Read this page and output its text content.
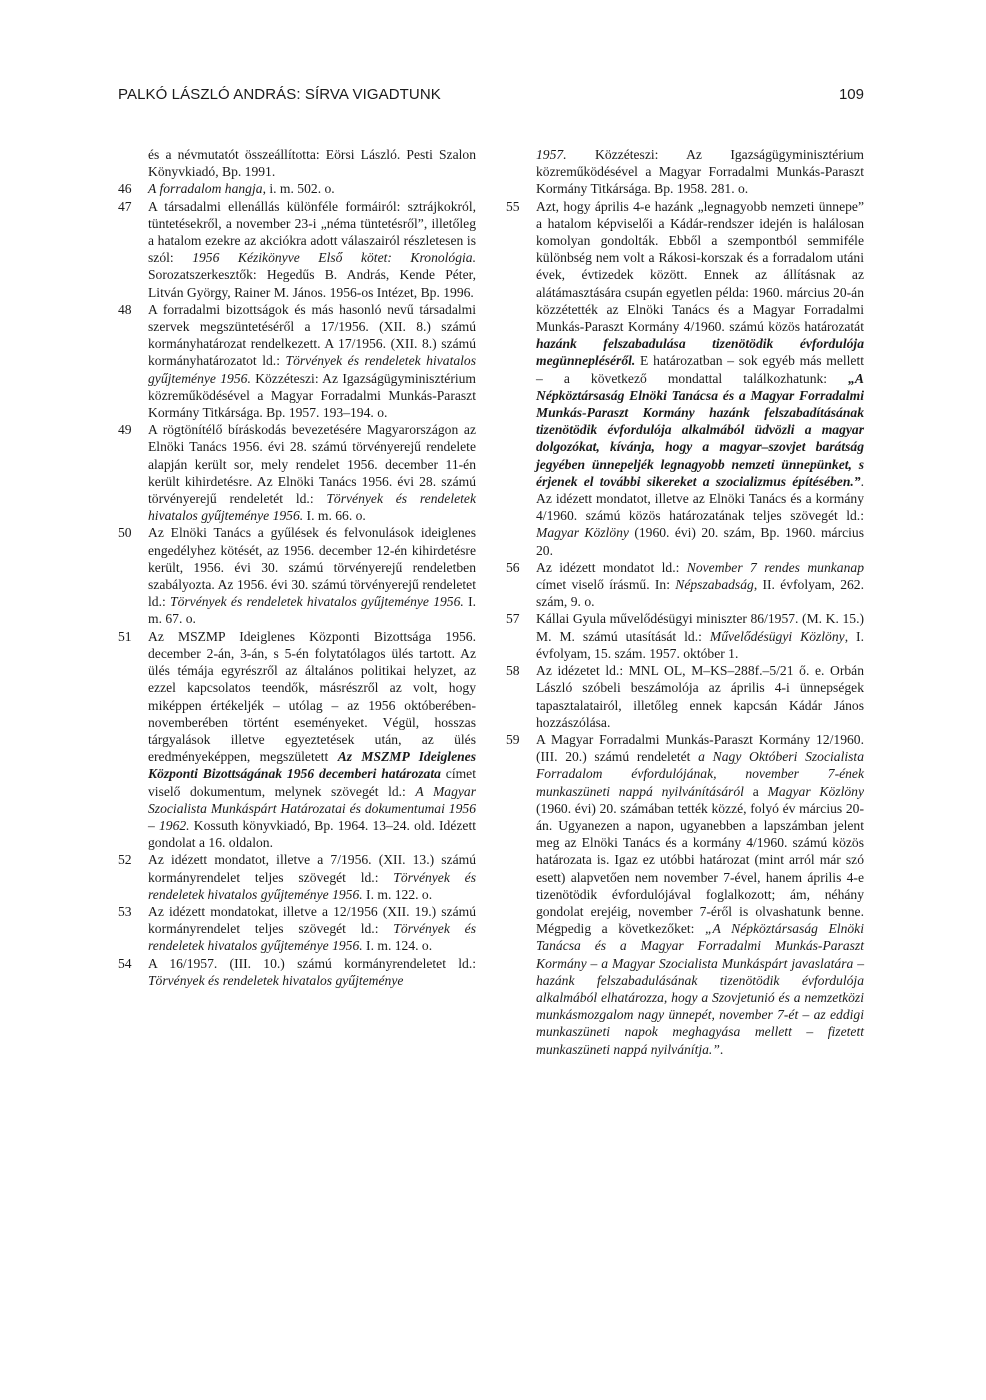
PALKÓ LÁSZLÓ ANDRÁS: SÍRVA VIGADTUNK	109

és a névmutatót összeállította: Eörsi László. Pesti Szalon Könyvkiadó, Bp. 1991.

46 A forradalom hangja, i. m. 502. o.

47 A társadalmi ellenállás különféle formáiról: sztrájkokról, tüntetésekről, a november 23-i „néma tüntetésről”, illetőleg a hatalom ezekre az akciókra adott válaszairól részletesen is szól: 1956 Kézikönyve Első kötet: Kronológia. Sorozatszerkesztők: Hegedűs B. András, Kende Péter, Litván György, Rainer M. János. 1956-os Intézet, Bp. 1996.

48 A forradalmi bizottságok és más hasonló nevű társadalmi szervek megszüntetéséről a 17/1956. (XII. 8.) számú kormányhatározat rendelkezett. A 17/1956. (XII. 8.) számú kormányhatározatot ld.: Törvények és rendeletek hivatalos gyűjteménye 1956. Közzéteszi: Az Igazságügyminisztérium közreműködésével a Magyar Forradalmi Munkás-Paraszt Kormány Titkársága. Bp. 1957. 193–194. o.

49 A rögtönítélő bíráskodás bevezetésére Magyarországon az Elnöki Tanács 1956. évi 28. számú törvényerejű rendelete alapján került sor, mely rendelet 1956. december 11-én került kihirdetésre. Az Elnöki Tanács 1956. évi 28. számú törvényerejű rendeletét ld.: Törvények és rendeletek hivatalos gyűjteménye 1956. I. m. 66. o.

50 Az Elnöki Tanács a gyűlések és felvonulások ideiglenes engedélyhez kötését, az 1956. december 12-én kihirdetésre került, 1956. évi 30. számú törvényerejű rendeletben szabályozta. Az 1956. évi 30. számú törvényerejű rendeletet ld.: Törvények és rendeletek hivatalos gyűjteménye 1956. I. m. 67. o.

51 Az MSZMP Ideiglenes Központi Bizottsága 1956. december 2-án, 3-án, s 5-én folytatólagos ülés tartott. Az ülés témája egyrészről az általános politikai helyzet, az ezzel kapcsolatos teendők, másrészről az volt, hogy miképpen értékeljék – utólag – az 1956 októberében-novemberében történt eseményeket. Végül, hosszas tárgyalások illetve egyeztetések után, az ülés eredményeképpen, megszületett Az MSZMP Ideiglenes Központi Bizottságának 1956 decemberi határozata címet viselő dokumentum, melynek szövegét ld.: A Magyar Szocialista Munkáspárt Határozatai és dokumentumai 1956 – 1962. Kossuth könyvkiadó, Bp. 1964. 13–24. old. Idézett gondolat a 16. oldalon.

52 Az idézett mondatot, illetve a 7/1956. (XII. 13.) számú kormányrendelet teljes szövegét ld.: Törvények és rendeletek hivatalos gyűjteménye 1956. I. m. 122. o.

53 Az idézett mondatokat, illetve a 12/1956 (XII. 19.) számú kormányrendelet teljes szövegét ld.: Törvények és rendeletek hivatalos gyűjteménye 1956. I. m. 124. o.

54 A 16/1957. (III. 10.) számú kormányrendeletet ld.: Törvények és rendeletek hivatalos gyűjteménye

1957. Közzéteszi: Az Igazságügyminisztérium közreműködésével a Magyar Forradalmi Munkás-Paraszt Kormány Titkársága. Bp. 1958. 281. o.

55 Azt, hogy április 4-e hazánk „legnagyobb nemzeti ünnepe” a hatalom képviselői a Kádár-rendszer idején is halálosan komolyan gondolták. Ebből a szempontból semmiféle különbség nem volt a Rákosi-korszak és a forradalom utáni évek, évtizedek között. Ennek az állításnak az alátámasztására csupán egyetlen példa: 1960. március 20-án közzétették az Elnöki Tanács és a Magyar Forradalmi Munkás-Paraszt Kormány 4/1960. számú közös határozatát hazánk felszabadulása tizenötödik évfordulója megünnepléséről. E határozatban – sok egyéb más mellett – a következő mondattal találkozhatunk: „A Népköztársaság Elnöki Tanácsa és a Magyar Forradalmi Munkás-Paraszt Kormány hazánk felszabadításának tizenötödik évfordulója alkalmából üdvözli a magyar dolgozókat, kívánja, hogy a magyar–szovjet barátság jegyében ünnepeljék legnagyobb nemzeti ünnepünket, s érjenek el további sikereket a szocializmus építésében.”. Az idézett mondatot, illetve az Elnöki Tanács és a kormány 4/1960. számú közös határozatának teljes szövegét ld.: Magyar Közlöny (1960. évi) 20. szám, Bp. 1960. március 20.

56 Az idézett mondatot ld.: November 7 rendes munkanap címet viselő írásmű. In: Népszabadság, II. évfolyam, 262. szám, 9. o.

57 Kállai Gyula művelődésügyi miniszter 86/1957. (M. K. 15.) M. M. számú utasítását ld.: Művelődésügyi Közlöny, I. évfolyam, 15. szám. 1957. október 1.

58 Az idézetet ld.: MNL OL, M–KS–288f.–5/21 ő. e. Orbán László szóbeli beszámolója az április 4-i ünnepségek tapasztalatairól, illetőleg ennek kapcsán Kádár János hozzászólása.

59 A Magyar Forradalmi Munkás-Paraszt Kormány 12/1960. (III. 20.) számú rendeletét a Nagy Októberi Szocialista Forradalom évfordulójának, november 7-ének munkaszüneti nappá nyilvánításáról a Magyar Közlöny (1960. évi) 20. számában tették közzé, folyó év március 20-án. Ugyanezen a napon, ugyanebben a lapszámban jelent meg az Elnöki Tanács és a kormány 4/1960. számú közös határozata is. Igaz ez utóbbi határozat (mint arról már szó esett) alapvetően nem november 7-ével, hanem április 4-e tizenötödik évfordulójával foglalkozott; ám, néhány gondolat erejéig, november 7-éről is olvashatunk benne. Mégpedig a következőket: „A Népköztársaság Elnöki Tanácsa és a Magyar Forradalmi Munkás-Paraszt Kormány – a Magyar Szocialista Munkáspárt javaslatára – hazánk felszabadulásának tizenötödik évfordulója alkalmából elhatározza, hogy a Szovjetunió és a nemzetközi munkásmozgalom nagy ünnepét, november 7-ét – az eddigi munkaszüneti napok meghagyása mellett – fizetett munkaszüneti nappá nyilvánítja.”.
